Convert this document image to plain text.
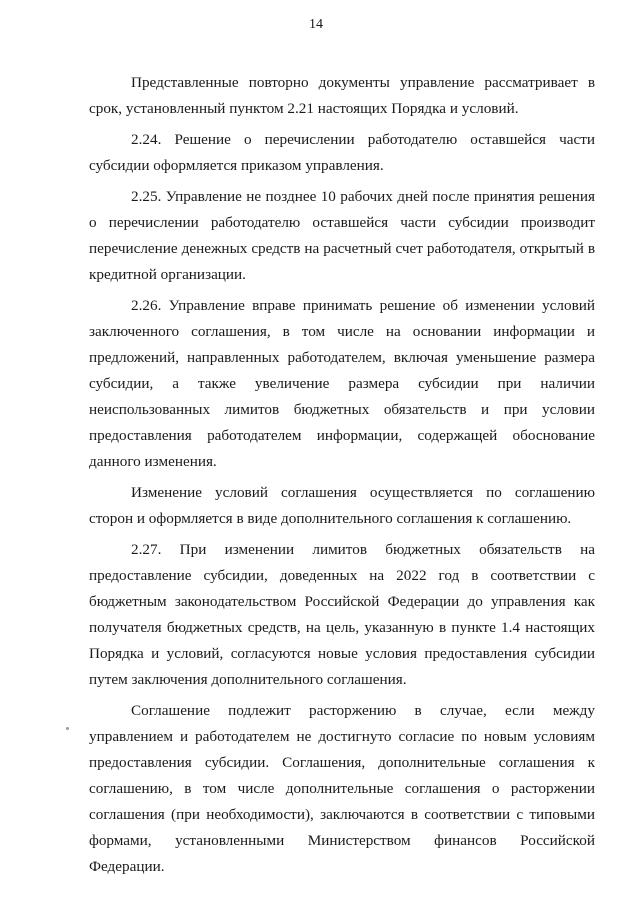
14

Представленные повторно документы управление рассматривает в срок, установленный пунктом 2.21 настоящих Порядка и условий.

2.24. Решение о перечислении работодателю оставшейся части субсидии оформляется приказом управления.

2.25. Управление не позднее 10 рабочих дней после принятия решения о перечислении работодателю оставшейся части субсидии производит перечисление денежных средств на расчетный счет работодателя, открытый в кредитной организации.

2.26. Управление вправе принимать решение об изменении условий заключенного соглашения, в том числе на основании информации и предложений, направленных работодателем, включая уменьшение размера субсидии, а также увеличение размера субсидии при наличии неиспользованных лимитов бюджетных обязательств и при условии предоставления работодателем информации, содержащей обоснование данного изменения.

Изменение условий соглашения осуществляется по соглашению сторон и оформляется в виде дополнительного соглашения к соглашению.

2.27. При изменении лимитов бюджетных обязательств на предоставление субсидии, доведенных на 2022 год в соответствии с бюджетным законодательством Российской Федерации до управления как получателя бюджетных средств, на цель, указанную в пункте 1.4 настоящих Порядка и условий, согласуются новые условия предоставления субсидии путем заключения дополнительного соглашения.

Соглашение подлежит расторжению в случае, если между управлением и работодателем не достигнуто согласие по новым условиям предоставления субсидии. Соглашения, дополнительные соглашения к соглашению, в том числе дополнительные соглашения о расторжении соглашения (при необходимости), заключаются в соответствии с типовыми формами, установленными Министерством финансов Российской Федерации.
